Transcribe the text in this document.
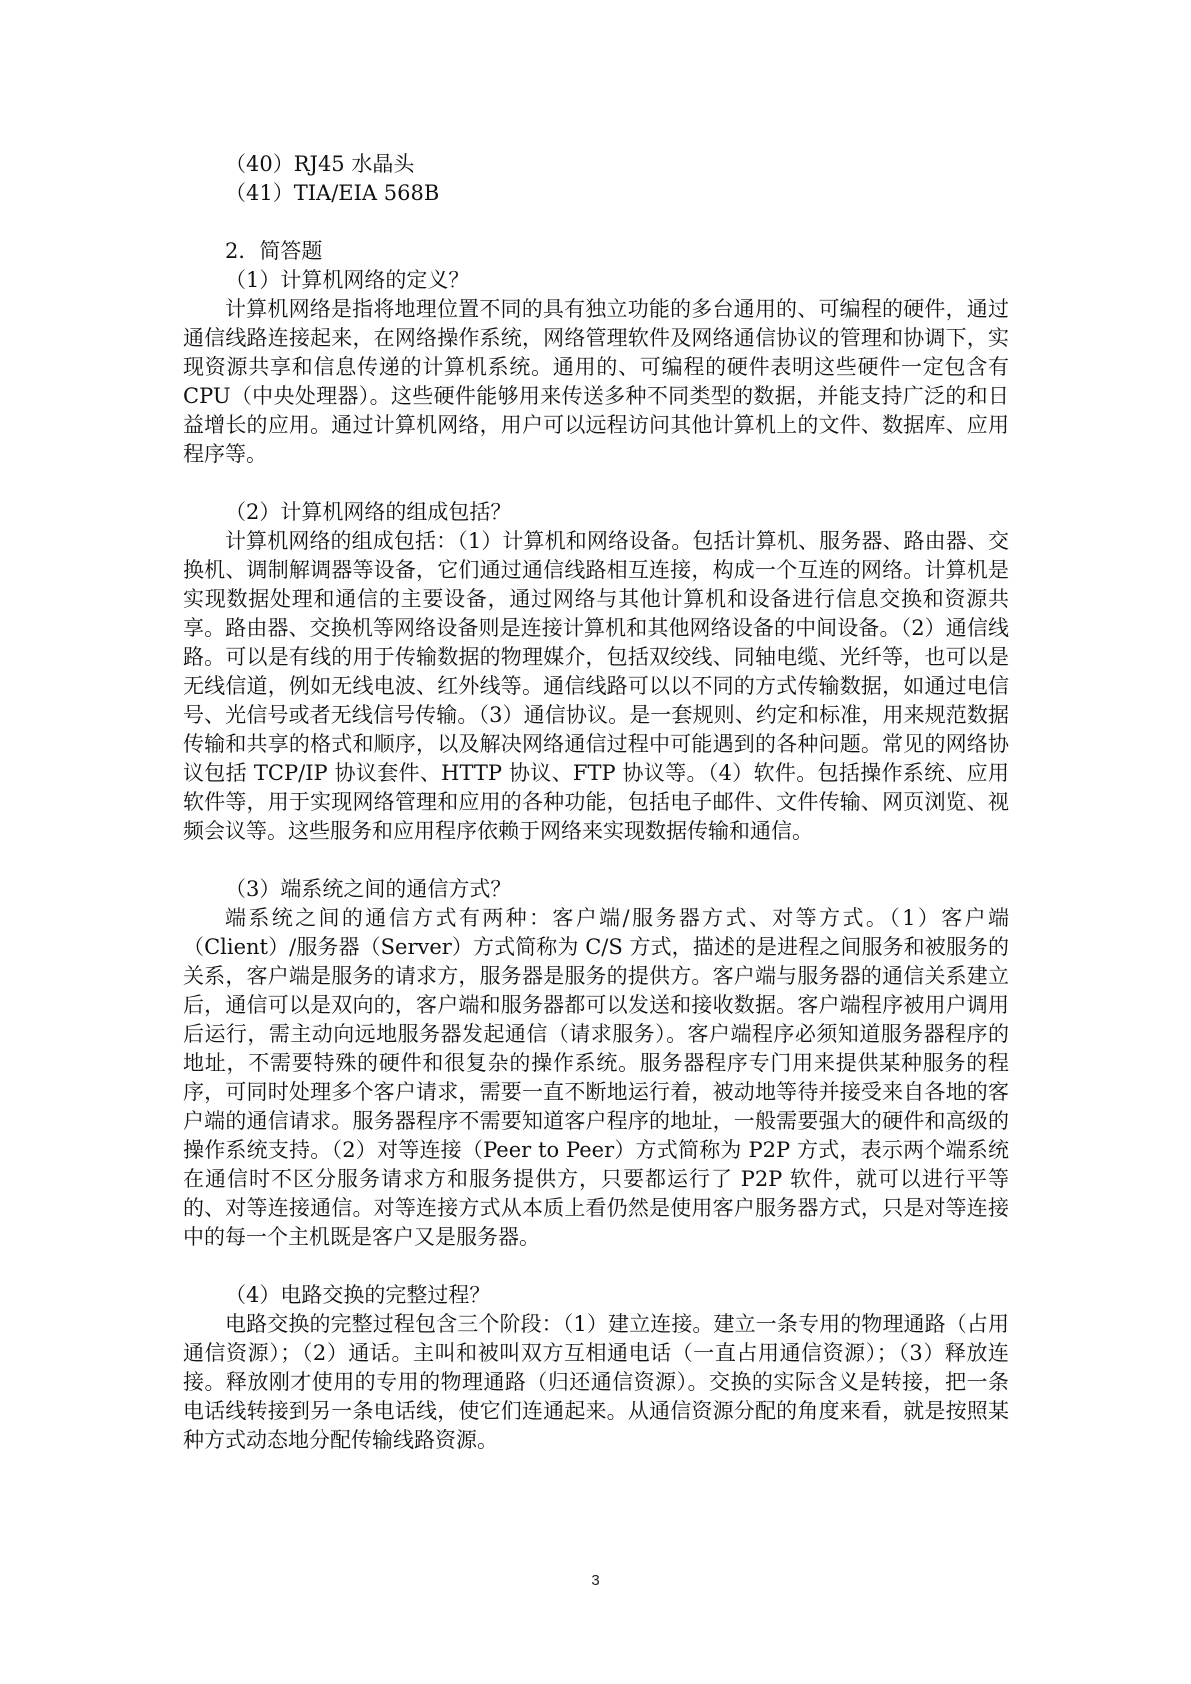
（40）RJ45 水晶头

（41）TIA/EIA 568B

2．简答题

（1）计算机网络的定义？

计算机网络是指将地理位置不同的具有独立功能的多台通用的、可编程的硬件，通过通信线路连接起来，在网络操作系统，网络管理软件及网络通信协议的管理和协调下，实现资源共享和信息传递的计算机系统。通用的、可编程的硬件表明这些硬件一定包含有 CPU（中央处理器）。这些硬件能够用来传送多种不同类型的数据，并能支持广泛的和日益增长的应用。通过计算机网络，用户可以远程访问其他计算机上的文件、数据库、应用程序等。

（2）计算机网络的组成包括？

计算机网络的组成包括：（1）计算机和网络设备。包括计算机、服务器、路由器、交换机、调制解调器等设备，它们通过通信线路相互连接，构成一个互连的网络。计算机是实现数据处理和通信的主要设备，通过网络与其他计算机和设备进行信息交换和资源共享。路由器、交换机等网络设备则是连接计算机和其他网络设备的中间设备。（2）通信线路。可以是有线的用于传输数据的物理媒介，包括双绞线、同轴电缆、光纤等，也可以是无线信道，例如无线电波、红外线等。通信线路可以以不同的方式传输数据，如通过电信号、光信号或者无线信号传输。（3）通信协议。是一套规则、约定和标准，用来规范数据传输和共享的格式和顺序，以及解决网络通信过程中可能遇到的各种问题。常见的网络协议包括 TCP/IP 协议套件、HTTP 协议、FTP 协议等。（4）软件。包括操作系统、应用软件等，用于实现网络管理和应用的各种功能，包括电子邮件、文件传输、网页浏览、视频会议等。这些服务和应用程序依赖于网络来实现数据传输和通信。

（3）端系统之间的通信方式？

端系统之间的通信方式有两种：客户端/服务器方式、对等方式。（1）客户端（Client）/服务器（Server）方式简称为 C/S 方式，描述的是进程之间服务和被服务的关系，客户端是服务的请求方，服务器是服务的提供方。客户端与服务器的通信关系建立后，通信可以是双向的，客户端和服务器都可以发送和接收数据。客户端程序被用户调用后运行，需主动向远地服务器发起通信（请求服务）。客户端程序必须知道服务器程序的地址，不需要特殊的硬件和很复杂的操作系统。服务器程序专门用来提供某种服务的程序，可同时处理多个客户请求，需要一直不断地运行着，被动地等待并接受来自各地的客户端的通信请求。服务器程序不需要知道客户程序的地址，一般需要强大的硬件和高级的操作系统支持。（2）对等连接（Peer to Peer）方式简称为 P2P 方式，表示两个端系统在通信时不区分服务请求方和服务提供方，只要都运行了 P2P 软件，就可以进行平等的、对等连接通信。对等连接方式从本质上看仍然是使用客户服务器方式，只是对等连接中的每一个主机既是客户又是服务器。

（4）电路交换的完整过程？

电路交换的完整过程包含三个阶段：（1）建立连接。建立一条专用的物理通路（占用通信资源）；（2）通话。主叫和被叫双方互相通电话（一直占用通信资源）；（3）释放连接。释放刚才使用的专用的物理通路（归还通信资源）。交换的实际含义是转接，把一条电话线转接到另一条电话线，使它们连通起来。从通信资源分配的角度来看，就是按照某种方式动态地分配传输线路资源。

3
